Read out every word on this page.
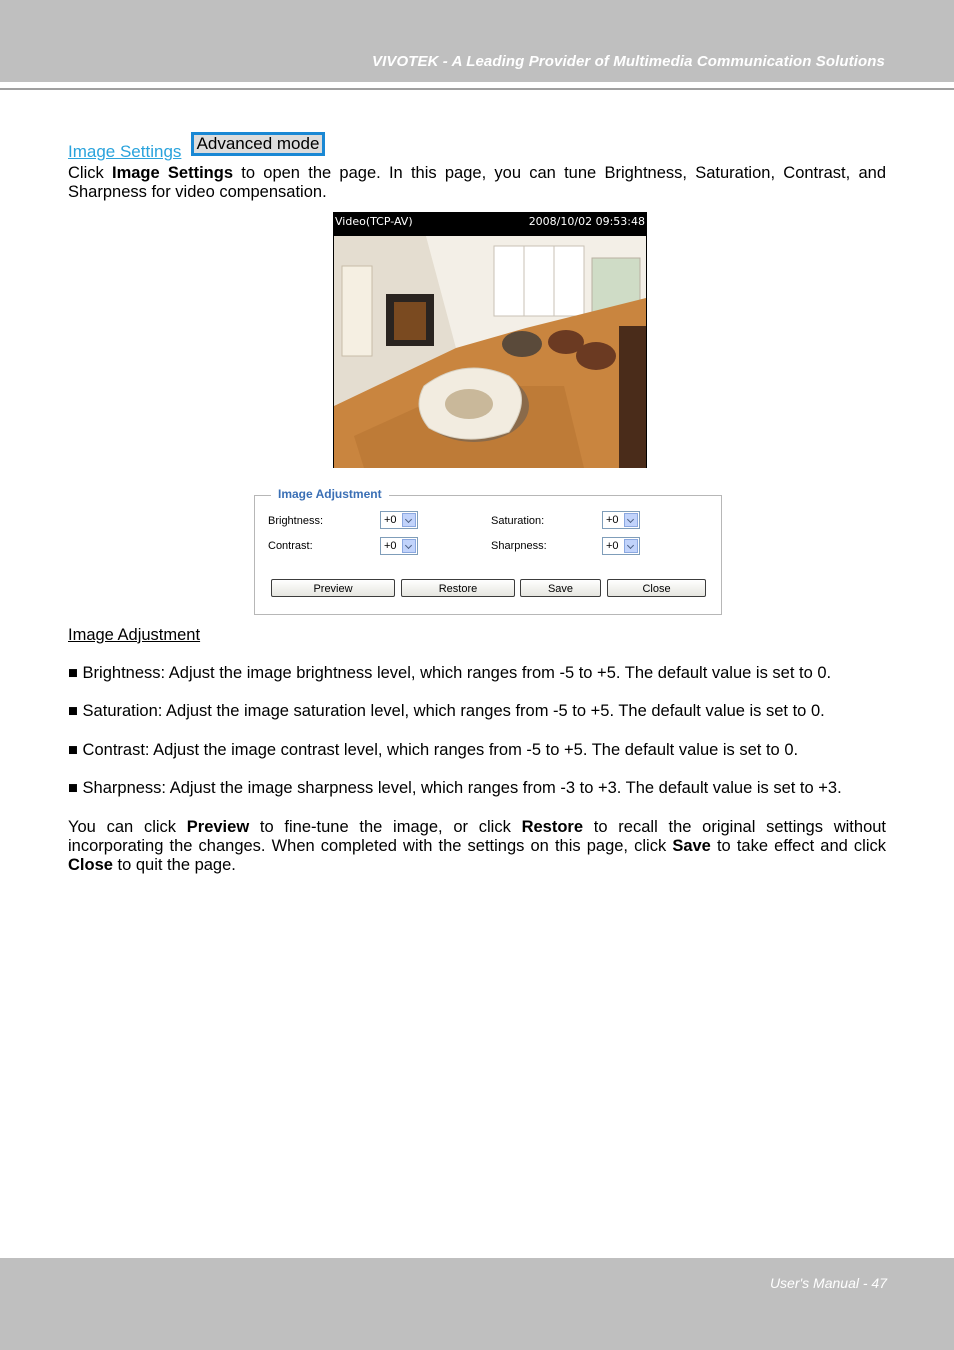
VIVOTEK - A Leading Provider of Multimedia Communication Solutions
Image Settings Advanced mode
Click Image Settings to open the page. In this page, you can tune Brightness, Saturation, Contrast, and Sharpness for video compensation.
Video(TCP-AV)	2008/10/02 09:53:48
Image Adjustment
Brightness:	+0	Saturation:	+0
Contrast:	+0	Sharpness:	+0
Preview	Restore	Save	Close
Image Adjustment
■ Brightness: Adjust the image brightness level, which ranges from -5 to +5. The default value is set to 0.
■ Saturation: Adjust the image saturation level, which ranges from -5 to +5. The default value is set to 0.
■ Contrast: Adjust the image contrast level, which ranges from -5 to +5. The default value is set to 0.
■ Sharpness: Adjust the image sharpness level, which ranges from -3 to +3. The default value is set to +3.
You can click Preview to fine-tune the image, or click Restore to recall the original settings without incorporating the changes. When completed with the settings on this page, click Save to take effect and click Close to quit the page.
User's Manual - 47
